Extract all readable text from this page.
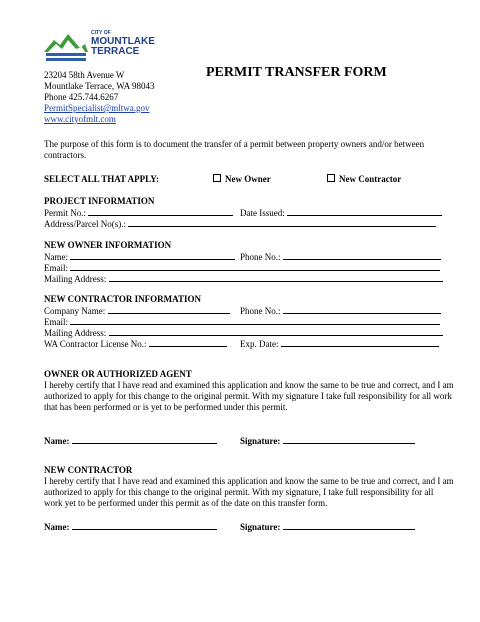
CITY OF
MOUNTLAKE
TERRACE
23204 58th Avenue W
Mountlake Terrace, WA 98043
Phone 425.744.6267
PermitSpecialist@mltwa.gov
www.cityofmlt.com
PERMIT TRANSFER FORM
The purpose of this form is to document the transfer of a permit between property owners and/or between contractors.
SELECT ALL THAT APPLY:	New Owner	New Contractor
PROJECT INFORMATION
Permit No.:	Date Issued:
Address/Parcel No(s).:
NEW OWNER INFORMATION
Name:	Phone No.:
Email:
Mailing Address:
NEW CONTRACTOR INFORMATION
Company Name:	Phone No.:
Email:
Mailing Address:
WA Contractor License No.:	Exp. Date:
OWNER OR AUTHORIZED AGENT
I hereby certify that I have read and examined this application and know the same to be true and correct, and I am authorized to apply for this change to the original permit. With my signature I take full responsibility for all work that has been performed or is yet to be performed under this permit.
Name:	Signature:
NEW CONTRACTOR
I hereby certify that I have read and examined this application and know the same to be true and correct, and I am authorized to apply for this change to the original permit. With my signature, I take full responsibility for all work yet to be performed under this permit as of the date on this transfer form.
Name:	Signature:
